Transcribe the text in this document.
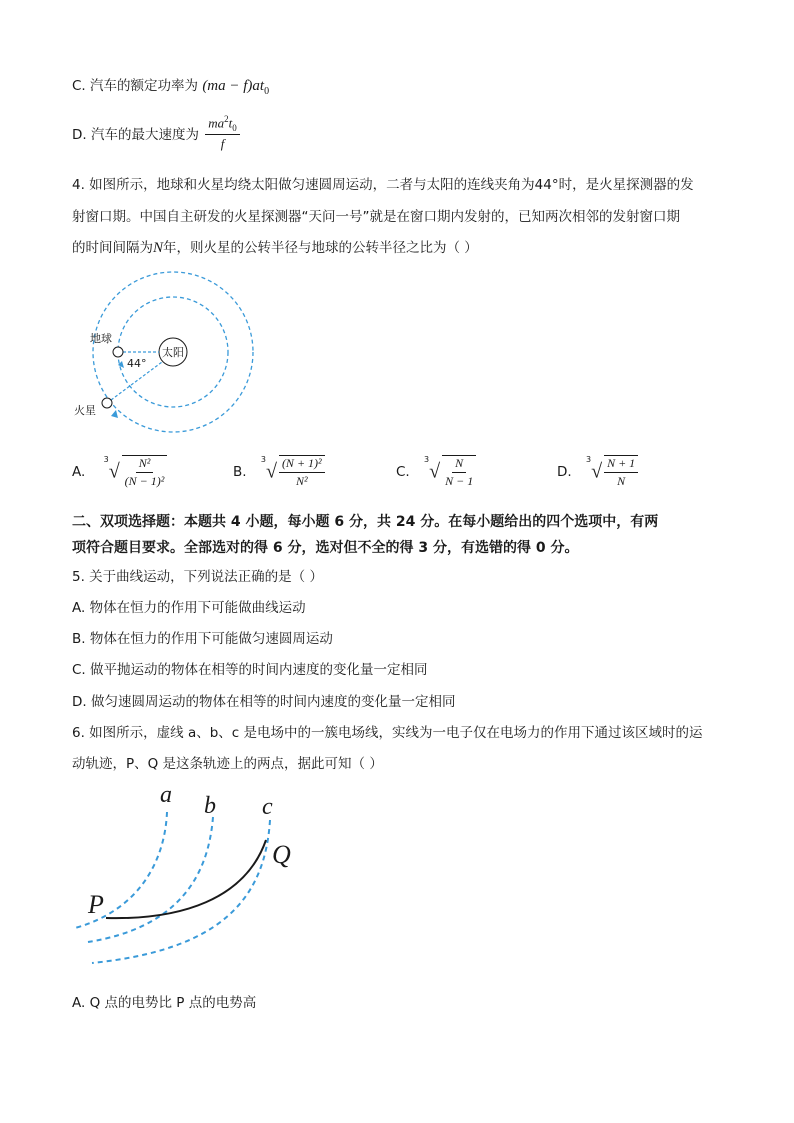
C. 汽车的额定功率为 $(ma - f)at_0$
D. 汽车的最大速度为 $\frac{ma^2t_0}{f}$
4. 如图所示，地球和火星均绕太阳做匀速圆周运动，二者与太阳的连线夹角为44°时，是火星探测器的发
射窗口期。中国自主研发的火星探测器“天问一号”就是在窗口期内发射的，已知两次相邻的发射窗口期
的时间间隔为N年，则火星的公转半径与地球的公转半径之比为（ ）
太阳
地球
火星
44°
A. $^3√ \frac{\text{N²}}{\text{(N − 1)²}}$	B. $^3√ \frac{\text{(N + 1)²}}{\text{N²}}$	C. $^3√ \frac{N}{N - 1}$	D. $^3√ \frac{N + 1}{N}$
二、双项选择题：本题共 4 小题，每小题 6 分，共 24 分。在每小题给出的四个选项中，有两
项符合题目要求。全部选对的得 6 分，选对但不全的得 3 分，有选错的得 0 分。
5. 关于曲线运动，下列说法正确的是（ ）
A. 物体在恒力的作用下可能做曲线运动
B. 物体在恒力的作用下可能做匀速圆周运动
C. 做平抛运动的物体在相等的时间内速度的变化量一定相同
D. 做匀速圆周运动的物体在相等的时间内速度的变化量一定相同
6. 如图所示，虚线 a、b、c 是电场中的一簇电场线，实线为一电子仅在电场力的作用下通过该区域时的运
动轨迹，P、Q 是这条轨迹上的两点，据此可知（ ）
a b c
P
Q
A. Q 点的电势比 P 点的电势高
